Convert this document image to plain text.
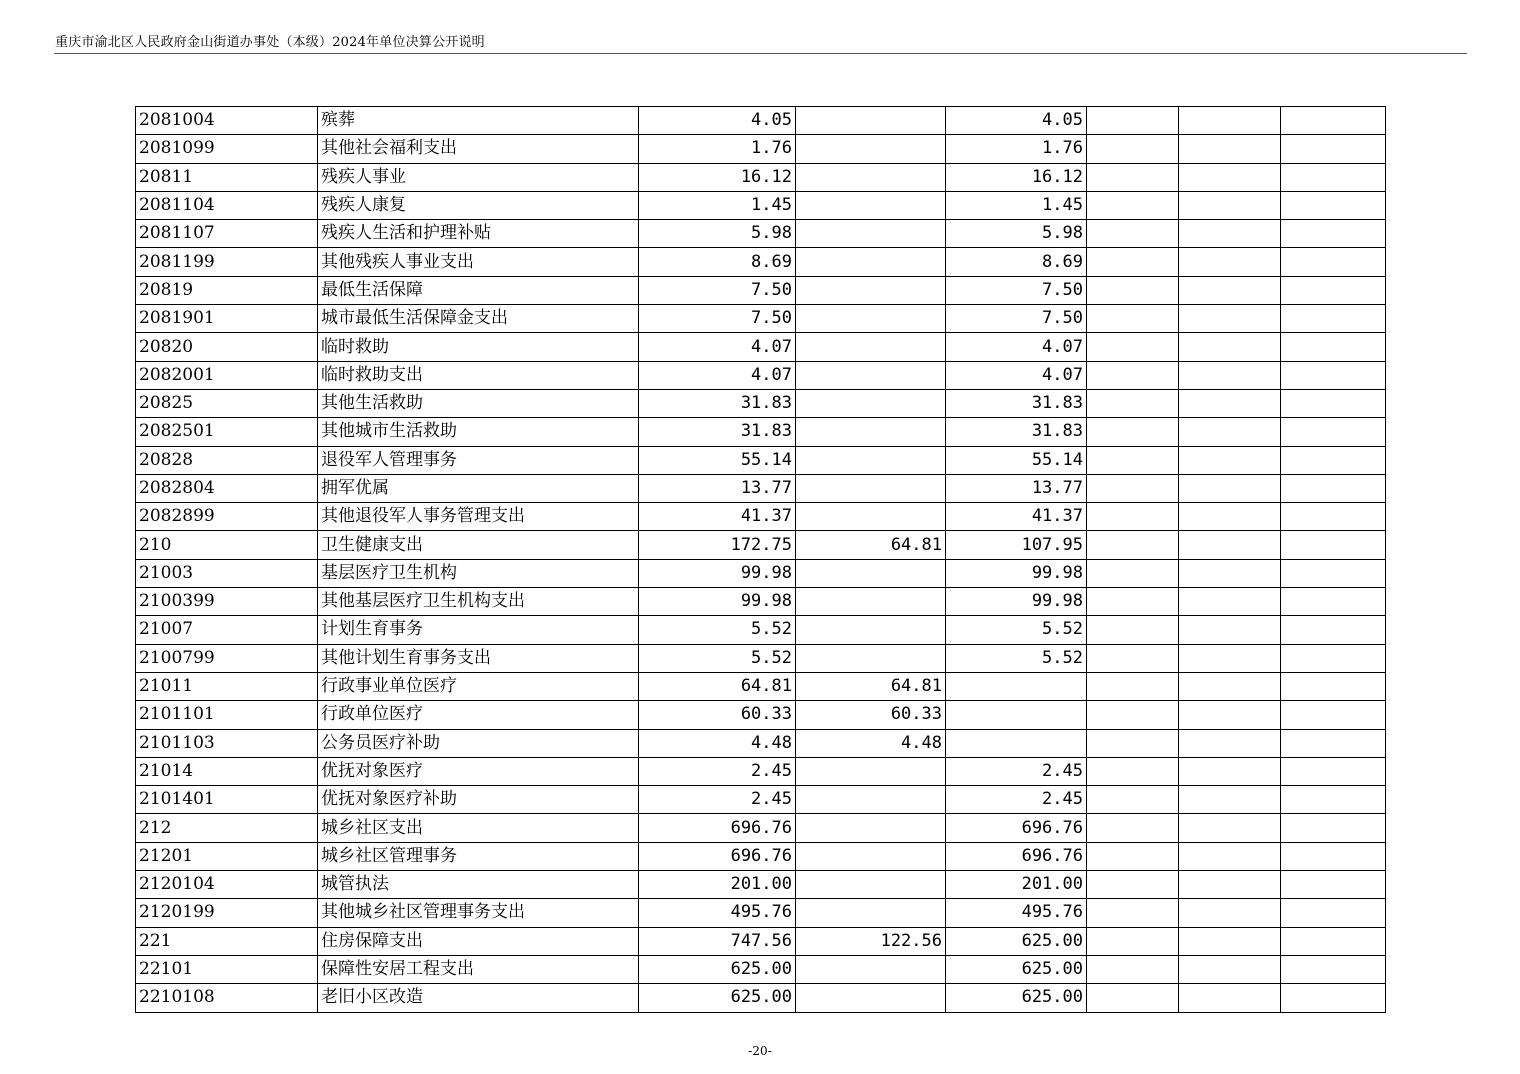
重庆市渝北区人民政府金山街道办事处（本级）2024年单位决算公开说明
2081004	殡葬	4.05		4.05			
2081099	其他社会福利支出	1.76		1.76			
20811	残疾人事业	16.12		16.12			
2081104	残疾人康复	1.45		1.45			
2081107	残疾人生活和护理补贴	5.98		5.98			
2081199	其他残疾人事业支出	8.69		8.69			
20819	最低生活保障	7.50		7.50			
2081901	城市最低生活保障金支出	7.50		7.50			
20820	临时救助	4.07		4.07			
2082001	临时救助支出	4.07		4.07			
20825	其他生活救助	31.83		31.83			
2082501	其他城市生活救助	31.83		31.83			
20828	退役军人管理事务	55.14		55.14			
2082804	拥军优属	13.77		13.77			
2082899	其他退役军人事务管理支出	41.37		41.37			
210	卫生健康支出	172.75	64.81	107.95			
21003	基层医疗卫生机构	99.98		99.98			
2100399	其他基层医疗卫生机构支出	99.98		99.98			
21007	计划生育事务	5.52		5.52			
2100799	其他计划生育事务支出	5.52		5.52			
21011	行政事业单位医疗	64.81	64.81				
2101101	行政单位医疗	60.33	60.33				
2101103	公务员医疗补助	4.48	4.48				
21014	优抚对象医疗	2.45		2.45			
2101401	优抚对象医疗补助	2.45		2.45			
212	城乡社区支出	696.76		696.76			
21201	城乡社区管理事务	696.76		696.76			
2120104	城管执法	201.00		201.00			
2120199	其他城乡社区管理事务支出	495.76		495.76			
221	住房保障支出	747.56	122.56	625.00			
22101	保障性安居工程支出	625.00		625.00			
2210108	老旧小区改造	625.00		625.00			
-20-
